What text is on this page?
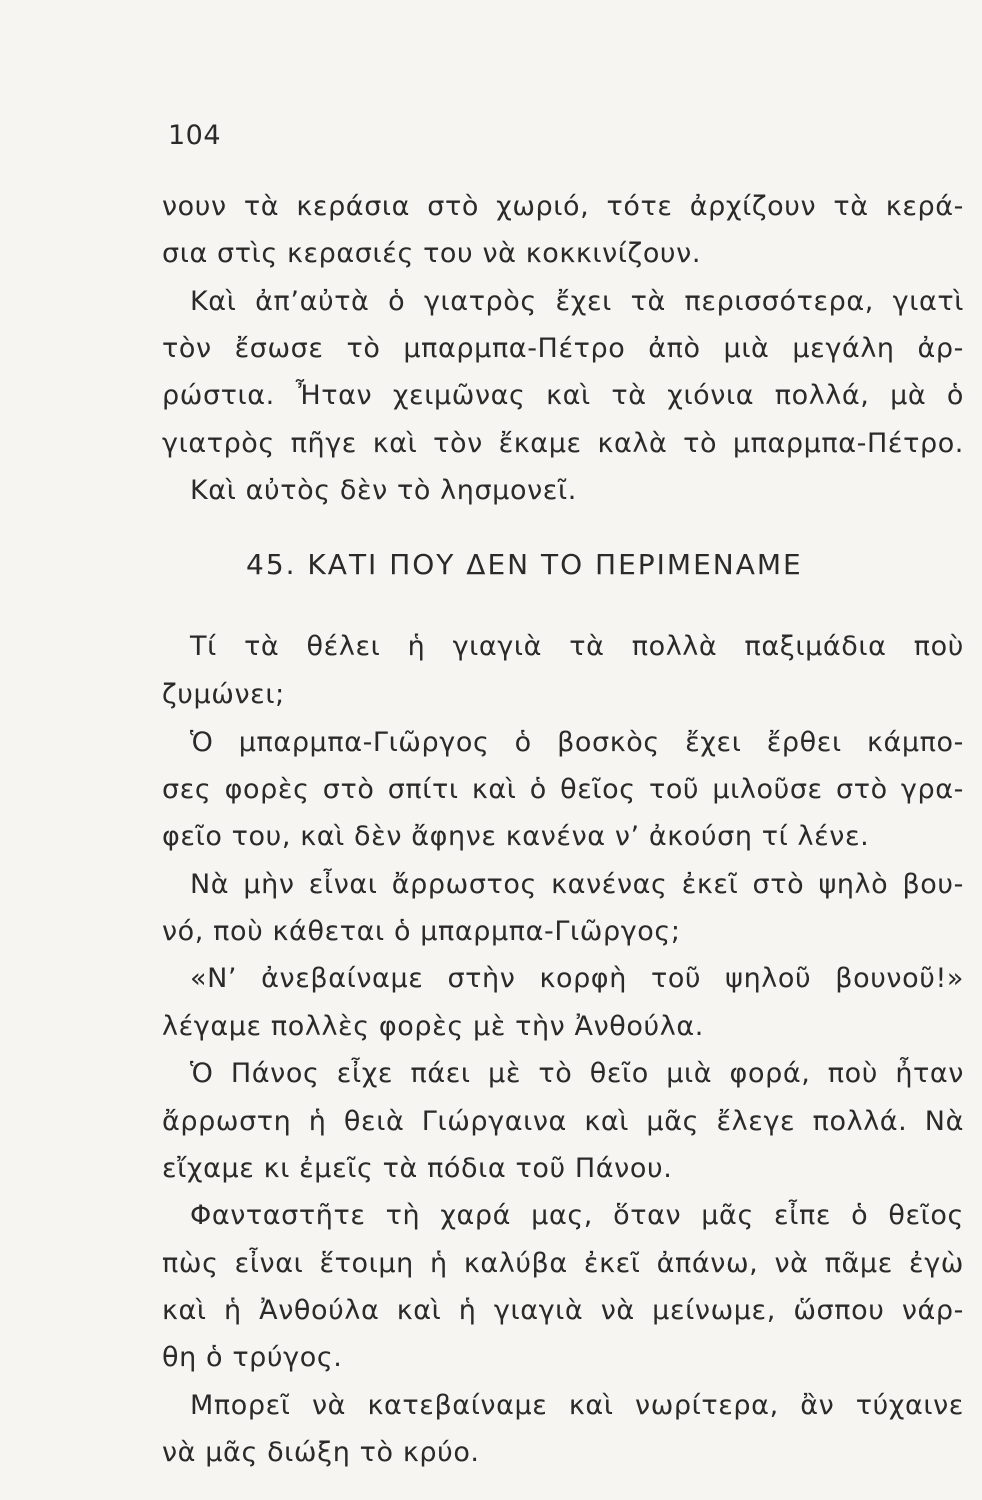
104
νουν τὰ κεράσια στὸ χωριό, τότε ἀρχίζουν τὰ κερά-
σια στὶς κερασιές του νὰ κοκκινίζουν.
Καὶ ἀπ’αὐτὰ ὁ γιατρὸς ἔχει τὰ περισσότερα, γιατὶ
τὸν ἔσωσε τὸ μπαρμπα-Πέτρο ἀπὸ μιὰ μεγάλη ἀρ-
ρώστια. Ἦταν χειμῶνας καὶ τὰ χιόνια πολλά, μὰ ὁ
γιατρὸς πῆγε καὶ τὸν ἔκαμε καλὰ τὸ μπαρμπα-Πέτρο.
Καὶ αὐτὸς δὲν τὸ λησμονεῖ.
45. ΚΑΤΙ ΠΟΥ ΔΕΝ ΤΟ ΠΕΡΙΜΕΝΑΜΕ
Τί τὰ θέλει ἡ γιαγιὰ τὰ πολλὰ παξιμάδια ποὺ
ζυμώνει;
Ὁ μπαρμπα-Γιῶργος ὁ βοσκὸς ἔχει ἔρθει κάμπο-
σες φορὲς στὸ σπίτι καὶ ὁ θεῖος τοῦ μιλοῦσε στὸ γρα-
φεῖο του, καὶ δὲν ἄφηνε κανένα ν’ ἀκούση τί λένε.
Νὰ μὴν εἶναι ἄρρωστος κανένας ἐκεῖ στὸ ψηλὸ βου-
νό, ποὺ κάθεται ὁ μπαρμπα-Γιῶργος;
«Ν’ ἀνεβαίναμε στὴν κορφὴ τοῦ ψηλοῦ βουνοῦ!»
λέγαμε πολλὲς φορὲς μὲ τὴν Ἀνθούλα.
Ὁ Πάνος εἶχε πάει μὲ τὸ θεῖο μιὰ φορά, ποὺ ἦταν
ἄρρωστη ἡ θειὰ Γιώργαινα καὶ μᾶς ἔλεγε πολλά. Νὰ
εἴχαμε κι ἐμεῖς τὰ πόδια τοῦ Πάνου.
Φανταστῆτε τὴ χαρά μας, ὅταν μᾶς εἶπε ὁ θεῖος
πὼς εἶναι ἕτοιμη ἡ καλύβα ἐκεῖ ἀπάνω, νὰ πᾶμε ἐγὼ
καὶ ἡ Ἀνθούλα καὶ ἡ γιαγιὰ νὰ μείνωμε, ὥσπου νάρ-
θη ὁ τρύγος.
Μπορεῖ νὰ κατεβαίναμε καὶ νωρίτερα, ἂν τύχαινε
νὰ μᾶς διώξη τὸ κρύο.
